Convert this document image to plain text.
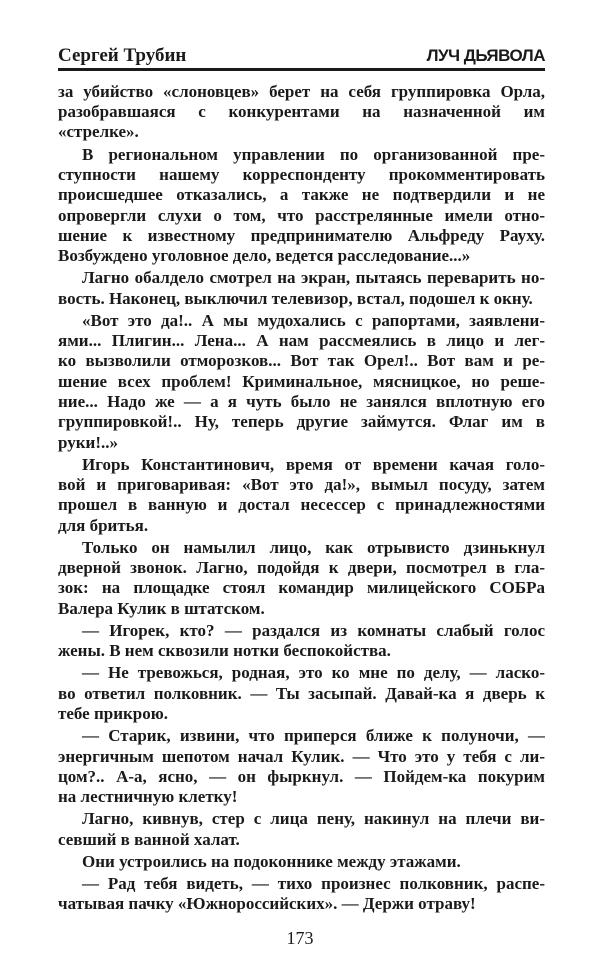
Сергей Трубин	ЛУЧ ДЬЯВОЛА
за убийство «слоновцев» берет на себя группировка Орла,
разобравшаяся с конкурентами на назначенной им
«стрелке».
В региональном управлении по организованной пре-
ступности нашему корреспонденту прокомментировать
происшедшее отказались, а также не подтвердили и не
опровергли слухи о том, что расстрелянные имели отно-
шение к известному предпринимателю Альфреду Рауху.
Возбуждено уголовное дело, ведется расследование...»
Лагно обалдело смотрел на экран, пытаясь переварить но-
вость. Наконец, выключил телевизор, встал, подошел к окну.
«Вот это да!.. А мы мудохались с рапортами, заявлени-
ями... Плигин... Лена... А нам рассмеялись в лицо и лег-
ко вызволили отморозков... Вот так Орел!.. Вот вам и ре-
шение всех проблем! Криминальное, мясницкое, но реше-
ние... Надо же — а я чуть было не занялся вплотную его
группировкой!.. Ну, теперь другие займутся. Флаг им в
руки!..»
Игорь Константинович, время от времени качая голо-
вой и приговаривая: «Вот это да!», вымыл посуду, затем
прошел в ванную и достал несессер с принадлежностями
для бритья.
Только он намылил лицо, как отрывисто дзинькнул
дверной звонок. Лагно, подойдя к двери, посмотрел в гла-
зок: на площадке стоял командир милицейского СОБРа
Валера Кулик в штатском.
— Игорек, кто? — раздался из комнаты слабый голос
жены. В нем сквозили нотки беспокойства.
— Не тревожься, родная, это ко мне по делу, — ласко-
во ответил полковник. — Ты засыпай. Давай-ка я дверь к
тебе прикрою.
— Старик, извини, что приперся ближе к полуночи, —
энергичным шепотом начал Кулик. — Что это у тебя с ли-
цом?.. А-а, ясно, — он фыркнул. — Пойдем-ка покурим
на лестничную клетку!
Лагно, кивнув, стер с лица пену, накинул на плечи ви-
севший в ванной халат.
Они устроились на подоконнике между этажами.
— Рад тебя видеть, — тихо произнес полковник, распе-
чатывая пачку «Южнороссийских». — Держи отраву!
173
